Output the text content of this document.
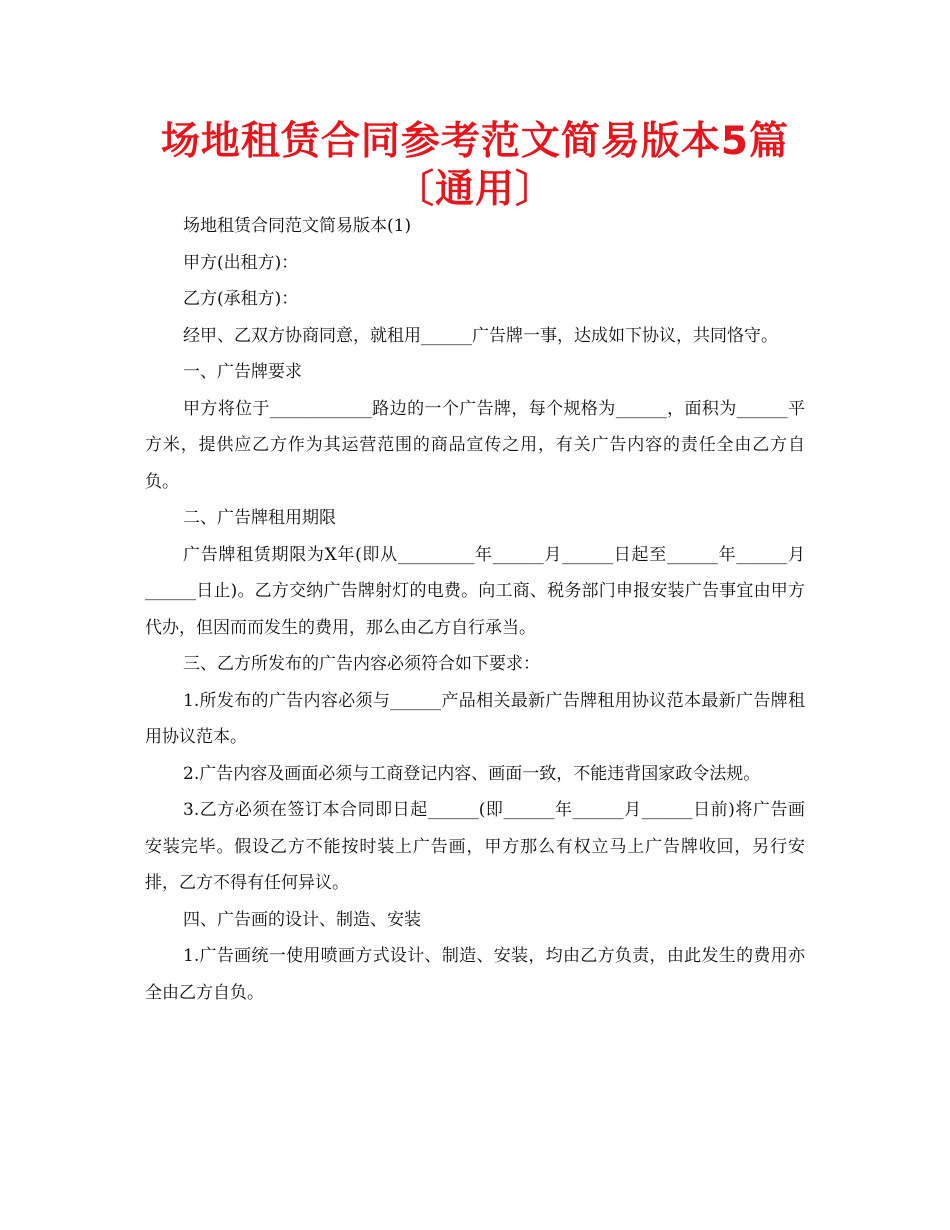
场地租赁合同参考范文简易版本5篇〔通用〕

场地租赁合同范文简易版本(1)

甲方(出租方)：

乙方(承租方)：

经甲、乙双方协商同意，就租用______广告牌一事，达成如下协议，共同恪守。

一、广告牌要求

甲方将位于____________路边的一个广告牌，每个规格为______，面积为______平方米，提供应乙方作为其运营范围的商品宣传之用，有关广告内容的责任全由乙方自负。

二、广告牌租用期限

广告牌租赁期限为X年(即从_________年______月______日起至______年______月______日止)。乙方交纳广告牌射灯的电费。向工商、税务部门申报安装广告事宜由甲方代办，但因而而发生的费用，那么由乙方自行承当。

三、乙方所发布的广告内容必须符合如下要求：

1.所发布的广告内容必须与______产品相关最新广告牌租用协议范本最新广告牌租用协议范本。

2.广告内容及画面必须与工商登记内容、画面一致，不能违背国家政令法规。

3.乙方必须在签订本合同即日起______(即______年______月______日前)将广告画安装完毕。假设乙方不能按时装上广告画，甲方那么有权立马上广告牌收回，另行安排，乙方不得有任何异议。

四、广告画的设计、制造、安装

1.广告画统一使用喷画方式设计、制造、安装，均由乙方负责，由此发生的费用亦全由乙方自负。
